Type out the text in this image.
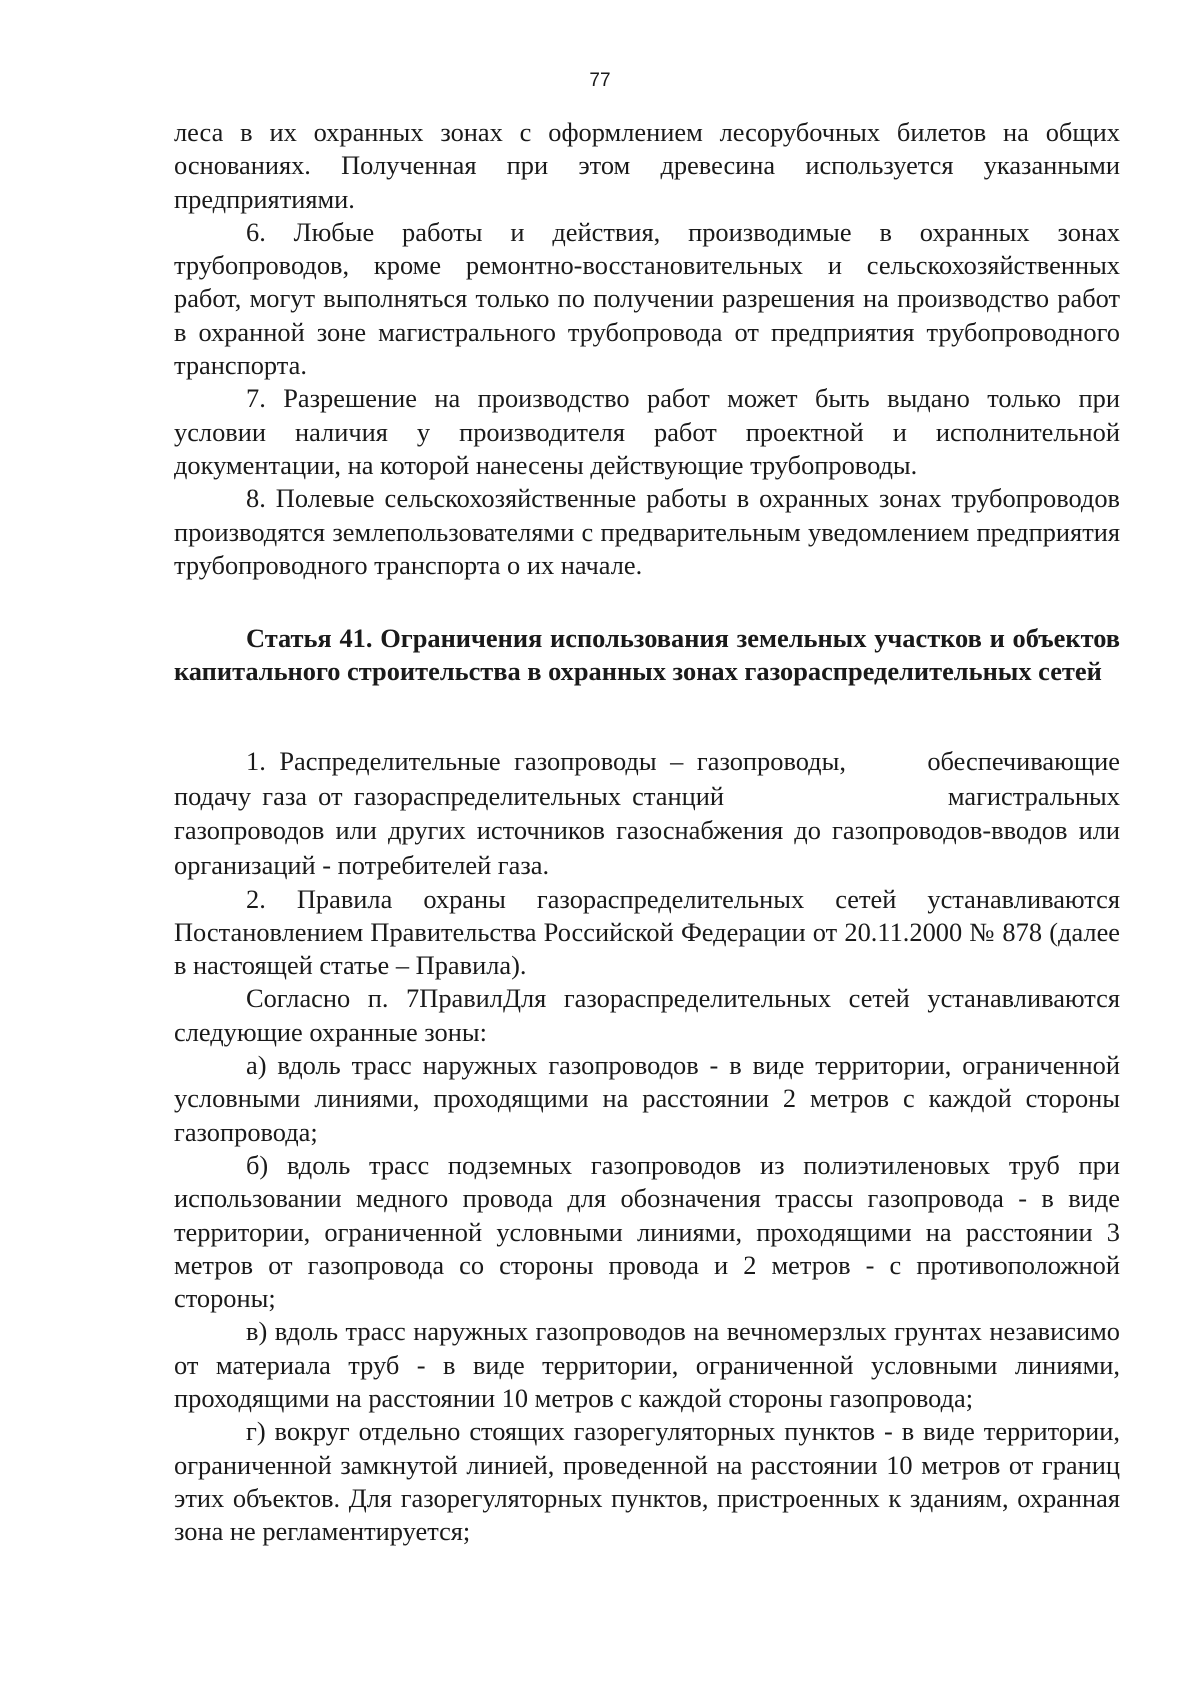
77

леса в их охранных зонах с оформлением лесорубочных билетов на общих основаниях. Полученная при этом древесина используется указанными предприятиями.

6. Любые работы и действия, производимые в охранных зонах трубопроводов, кроме ремонтно-восстановительных и сельскохозяйственных работ, могут выполняться только по получении разрешения на производство работ в охранной зоне магистрального трубопровода от предприятия трубопроводного транспорта.

7. Разрешение на производство работ может быть выдано только при условии наличия у производителя работ проектной и исполнительной документации, на которой нанесены действующие трубопроводы.

8. Полевые сельскохозяйственные работы в охранных зонах трубопроводов производятся землепользователями с предварительным уведомлением предприятия трубопроводного транспорта о их начале.

Статья 41. Ограничения использования земельных участков и объектов капитального строительства в охранных зонах газораспределительных сетей

1. Распределительные газопроводы – газопроводы,      обеспечивающие подачу газа от газораспределительных станций                    магистральных газопроводов или других источников газоснабжения до газопроводов-вводов или организаций - потребителей газа.

2. Правила охраны газораспределительных сетей устанавливаются Постановлением Правительства Российской Федерации от 20.11.2000 № 878 (далее в настоящей статье – Правила).

Согласно п. 7ПравилДля газораспределительных сетей устанавливаются следующие охранные зоны:

а) вдоль трасс наружных газопроводов - в виде территории, ограниченной условными линиями, проходящими на расстоянии 2 метров с каждой стороны газопровода;

б) вдоль трасс подземных газопроводов из полиэтиленовых труб при использовании медного провода для обозначения трассы газопровода - в виде территории, ограниченной условными линиями, проходящими на расстоянии 3 метров от газопровода со стороны провода и 2 метров - с противоположной стороны;

в) вдоль трасс наружных газопроводов на вечномерзлых грунтах независимо от материала труб - в виде территории, ограниченной условными линиями, проходящими на расстоянии 10 метров с каждой стороны газопровода;

г) вокруг отдельно стоящих газорегуляторных пунктов - в виде территории, ограниченной замкнутой линией, проведенной на расстоянии 10 метров от границ этих объектов. Для газорегуляторных пунктов, пристроенных к зданиям, охранная зона не регламентируется;
